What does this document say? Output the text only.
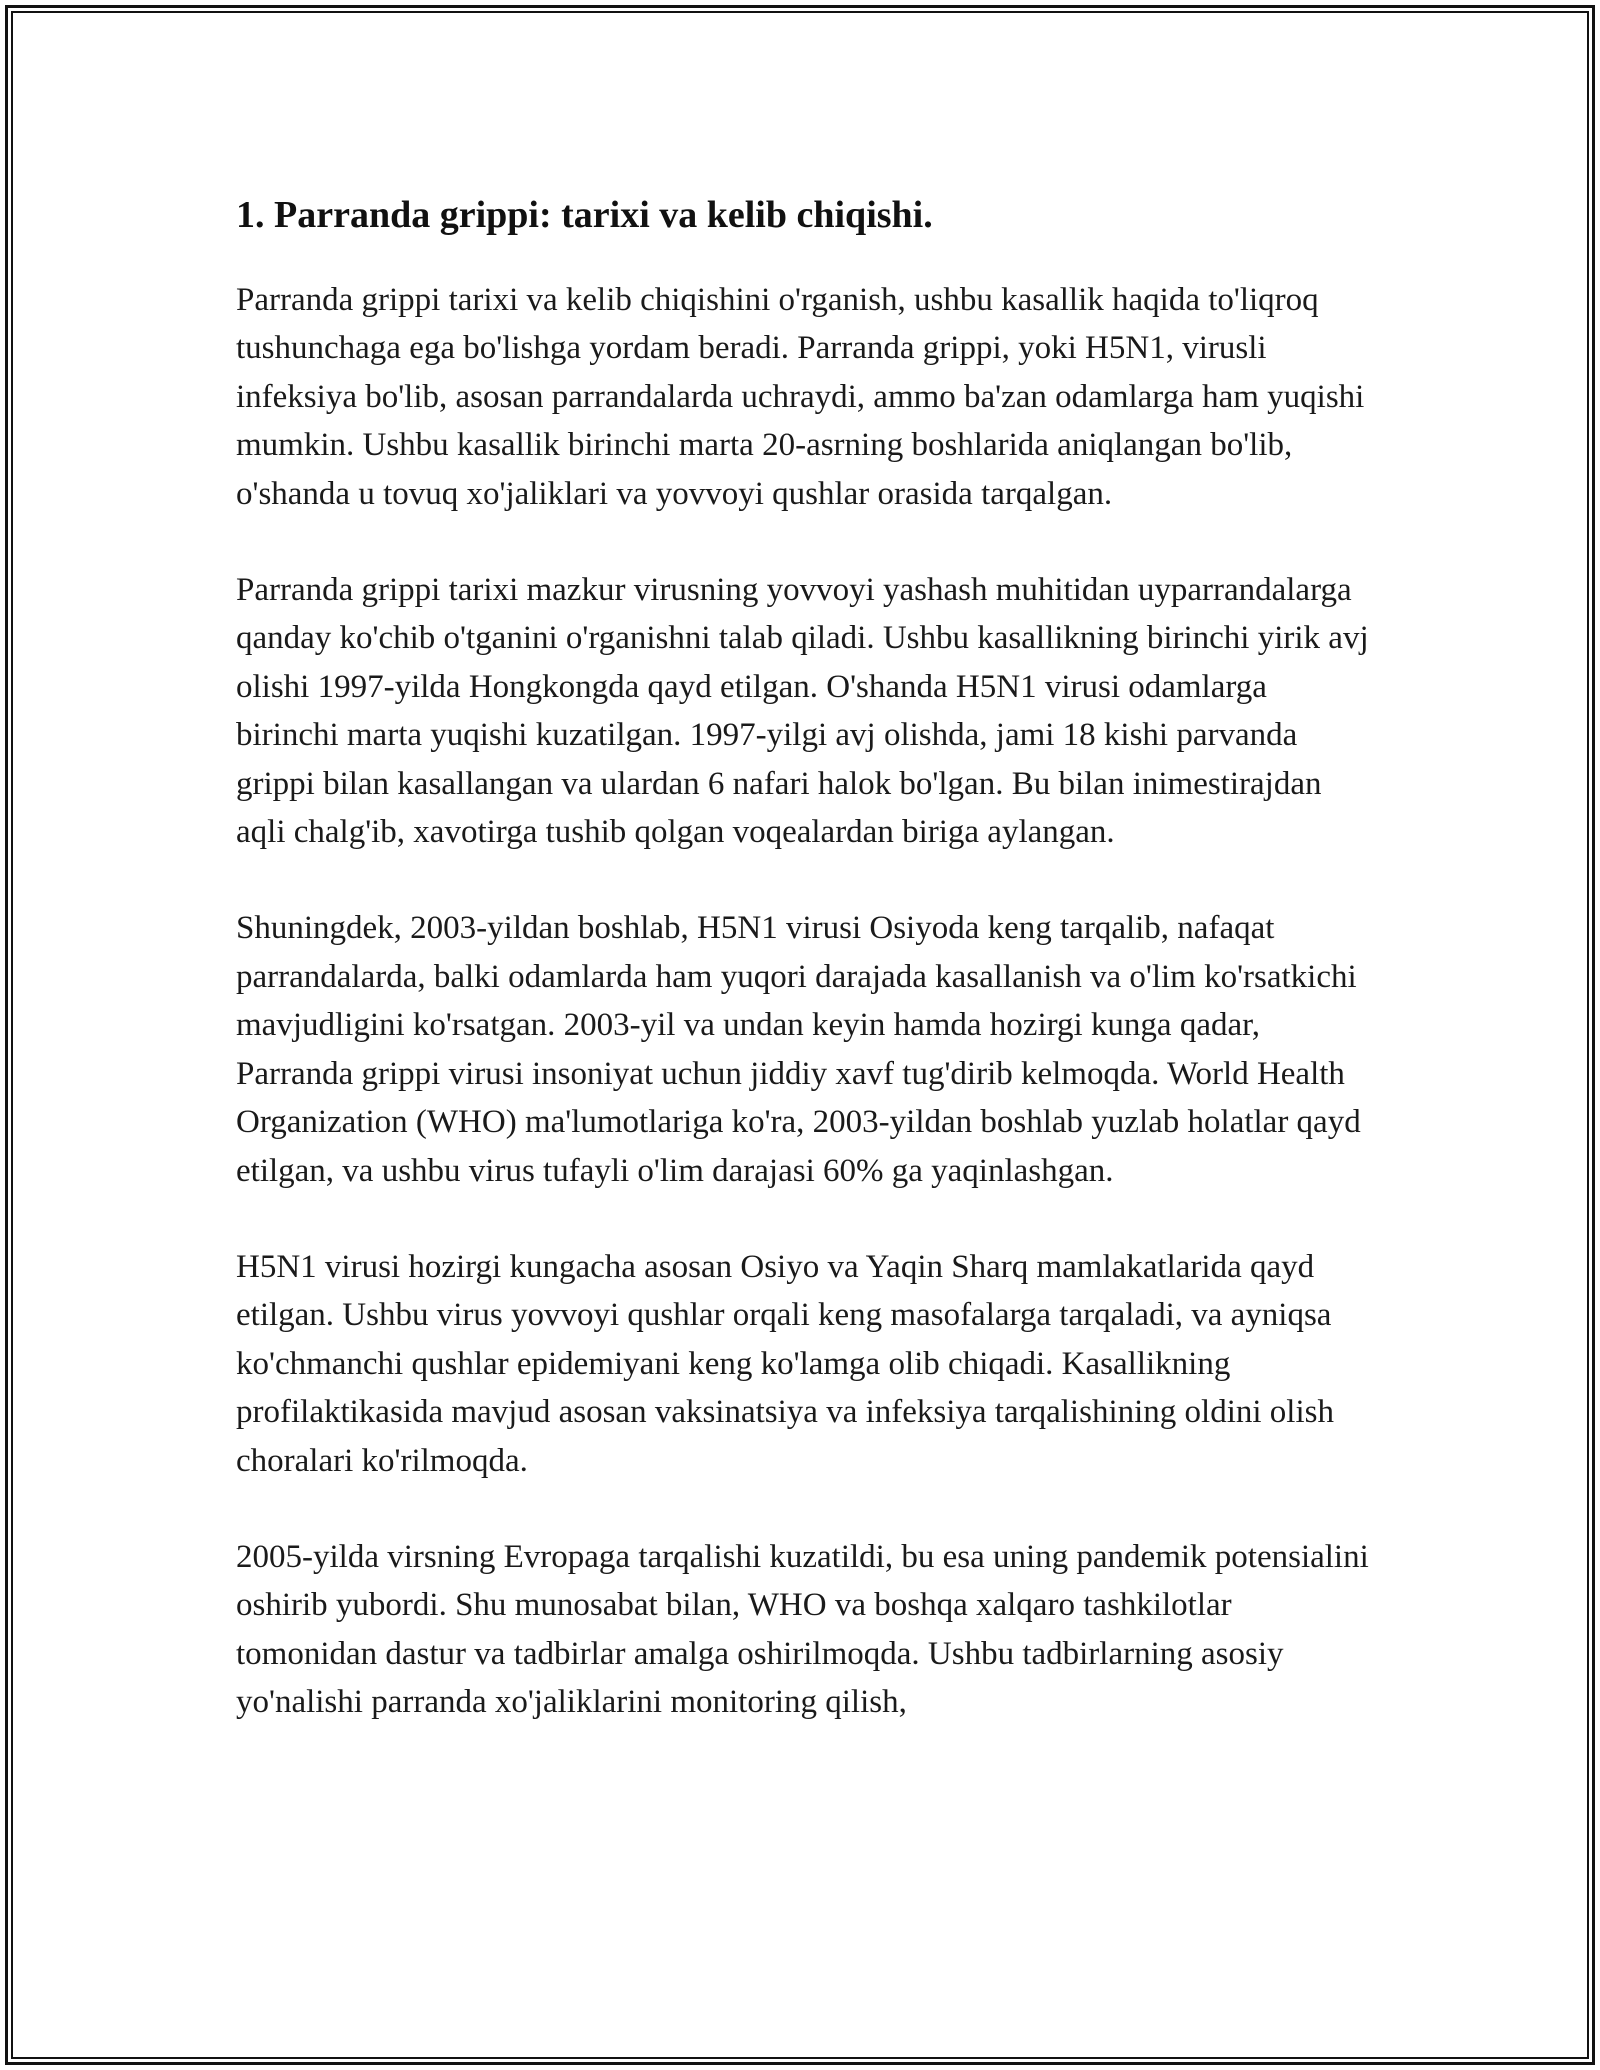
1. Parranda grippi: tarixi va kelib chiqishi.

Parranda grippi tarixi va kelib chiqishini o'rganish, ushbu kasallik haqida to'liqroq tushunchaga ega bo'lishga yordam beradi. Parranda grippi, yoki H5N1, virusli infeksiya bo'lib, asosan parrandalarda uchraydi, ammo ba'zan odamlarga ham yuqishi mumkin. Ushbu kasallik birinchi marta 20-asrning boshlarida aniqlangan bo'lib, o'shanda u tovuq xo'jaliklari va yovvoyi qushlar orasida tarqalgan.

Parranda grippi tarixi mazkur virusning yovvoyi yashash muhitidan uyparrandalarga qanday ko'chib o'tganini o'rganishni talab qiladi. Ushbu kasallikning birinchi yirik avj olishi 1997-yilda Hongkongda qayd etilgan. O'shanda H5N1 virusi odamlarga birinchi marta yuqishi kuzatilgan. 1997-yilgi avj olishda, jami 18 kishi parvanda grippi bilan kasallangan va ulardan 6 nafari halok bo'lgan. Bu bilan inimestirajdan aqli chalg'ib, xavotirga tushib qolgan voqealardan biriga aylangan.

Shuningdek, 2003-yildan boshlab, H5N1 virusi Osiyoda keng tarqalib, nafaqat parrandalarda, balki odamlarda ham yuqori darajada kasallanish va o'lim ko'rsatkichi mavjudligini ko'rsatgan. 2003-yil va undan keyin hamda hozirgi kunga qadar, Parranda grippi virusi insoniyat uchun jiddiy xavf tug'dirib kelmoqda. World Health Organization (WHO) ma'lumotlariga ko'ra, 2003-yildan boshlab yuzlab holatlar qayd etilgan, va ushbu virus tufayli o'lim darajasi 60% ga yaqinlashgan.

H5N1 virusi hozirgi kungacha asosan Osiyo va Yaqin Sharq mamlakatlarida qayd etilgan. Ushbu virus yovvoyi qushlar orqali keng masofalarga tarqaladi, va ayniqsa ko'chmanchi qushlar epidemiyani keng ko'lamga olib chiqadi. Kasallikning profilaktikasida mavjud asosan vaksinatsiya va infeksiya tarqalishining oldini olish choralari ko'rilmoqda.

2005-yilda virsning Evropaga tarqalishi kuzatildi, bu esa uning pandemik potensialini oshirib yubordi. Shu munosabat bilan, WHO va boshqa xalqaro tashkilotlar tomonidan dastur va tadbirlar amalga oshirilmoqda. Ushbu tadbirlarning asosiy yo'nalishi parranda xo'jaliklarini monitoring qilish,
